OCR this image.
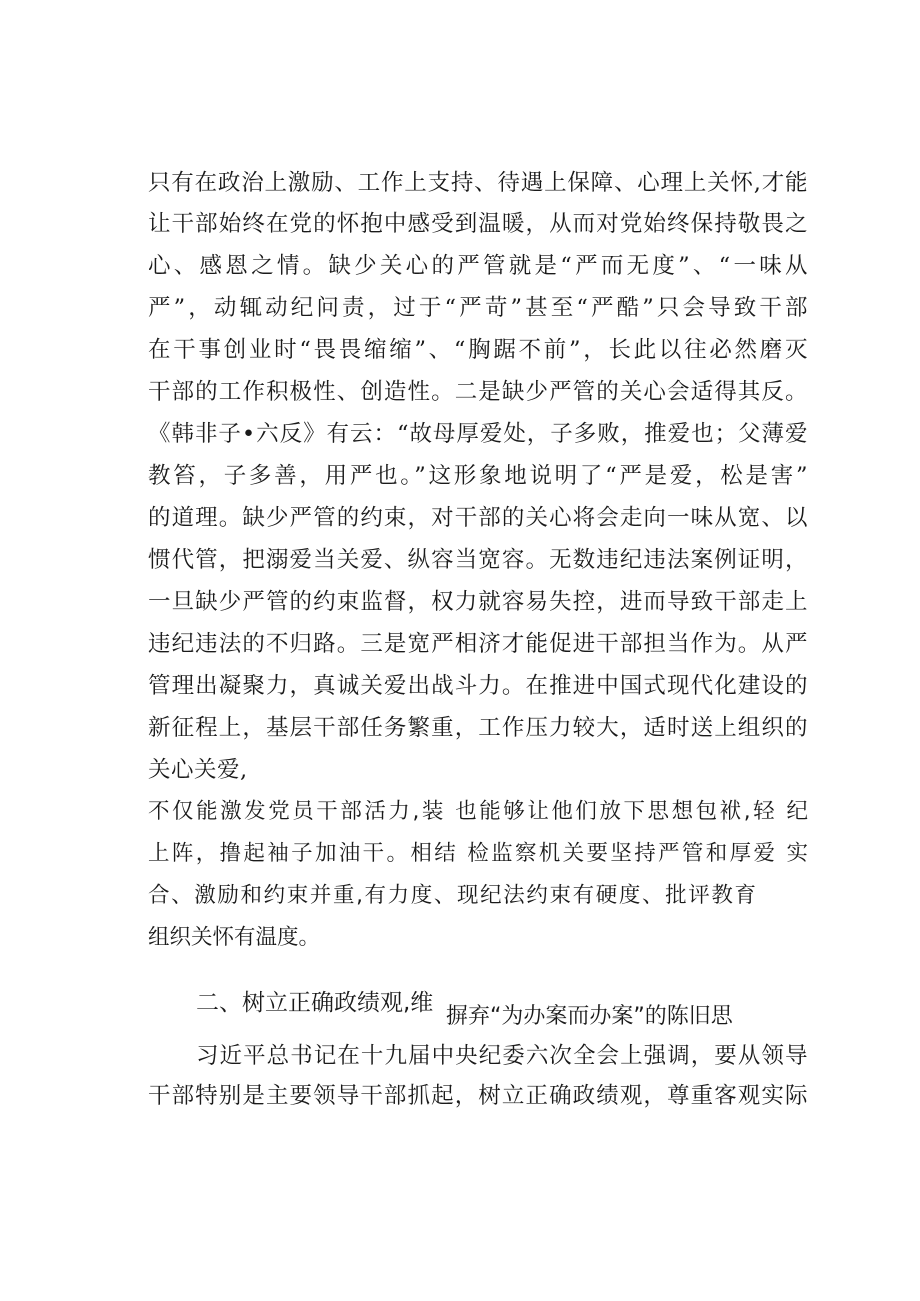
只有在政治上激励、工作上支持、待遇上保障、心理上关怀,才能
让干部始终在党的怀抱中感受到温暖，从而对党始终保持敬畏之
心、感恩之情。缺少关心的严管就是“严而无度”、“一味从
严”，动辄动纪问责，过于“严苛”甚至“严酷”只会导致干部
在干事创业时“畏畏缩缩”、“胸踞不前”，长此以往必然磨灭
干部的工作积极性、创造性。二是缺少严管的关心会适得其反。
《韩非子•六反》有云：“故母厚爱处，子多败，推爱也；父薄爱
教笞，子多善，用严也。”这形象地说明了“严是爱，松是害”
的道理。缺少严管的约束，对干部的关心将会走向一味从宽、以
惯代管，把溺爱当关爱、纵容当宽容。无数违纪违法案例证明，
一旦缺少严管的约束监督，权力就容易失控，进而导致干部走上
违纪违法的不归路。三是宽严相济才能促进干部担当作为。从严
管理出凝聚力，真诚关爱出战斗力。在推进中国式现代化建设的
新征程上，基层干部任务繁重，工作压力较大，适时送上组织的
关心关爱,
不仅能激发党员干部活力,装 也能够让他们放下思想包袱,轻 纪
上阵，撸起袖子加油干。相结 检监察机关要坚持严管和厚爱 实
合、激励和约束并重,有力度、现纪法约束有硬度、批评教育
组织关怀有温度。
二、树立正确政绩观,维
摒弃“为办案而办案”的陈旧思
习近平总书记在十九届中央纪委六次全会上强调，要从领导
干部特别是主要领导干部抓起，树立正确政绩观，尊重客观实际
